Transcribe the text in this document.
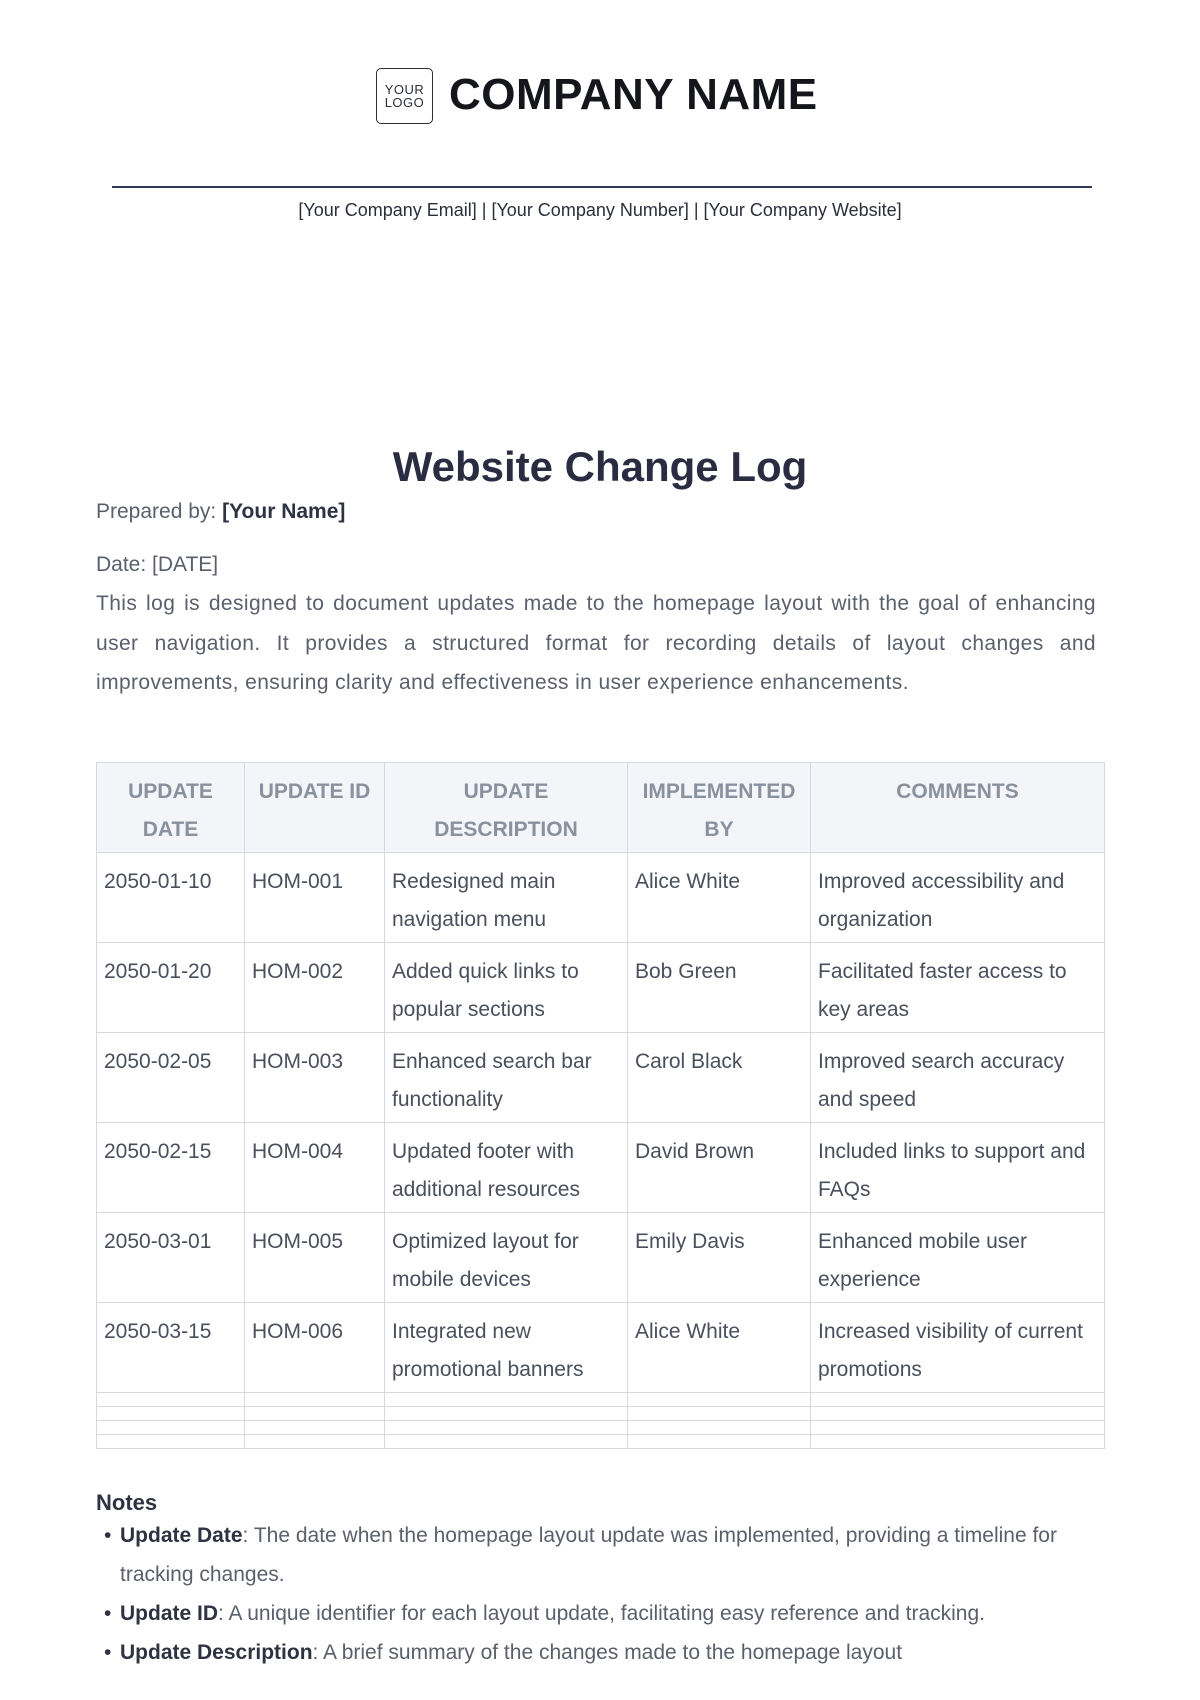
YOUR
LOGO COMPANY NAME
[Your Company Email] | [Your Company Number] | [Your Company Website]
Website Change Log
Prepared by: [Your Name]
Date: [DATE]
This log is designed to document updates made to the homepage layout with the goal of enhancing user navigation. It provides a structured format for recording details of layout changes and improvements, ensuring clarity and effectiveness in user experience enhancements.
UPDATE DATE	UPDATE ID	UPDATE DESCRIPTION	IMPLEMENTED BY	COMMENTS
2050-01-10	HOM-001	Redesigned main navigation menu	Alice White	Improved accessibility and organization
2050-01-20	HOM-002	Added quick links to popular sections	Bob Green	Facilitated faster access to key areas
2050-02-05	HOM-003	Enhanced search bar functionality	Carol Black	Improved search accuracy and speed
2050-02-15	HOM-004	Updated footer with additional resources	David Brown	Included links to support and FAQs
2050-03-01	HOM-005	Optimized layout for mobile devices	Emily Davis	Enhanced mobile user experience
2050-03-15	HOM-006	Integrated new promotional banners	Alice White	Increased visibility of current promotions

Notes
• Update Date: The date when the homepage layout update was implemented, providing a timeline for tracking changes.
• Update ID: A unique identifier for each layout update, facilitating easy reference and tracking.
• Update Description: A brief summary of the changes made to the homepage layout
